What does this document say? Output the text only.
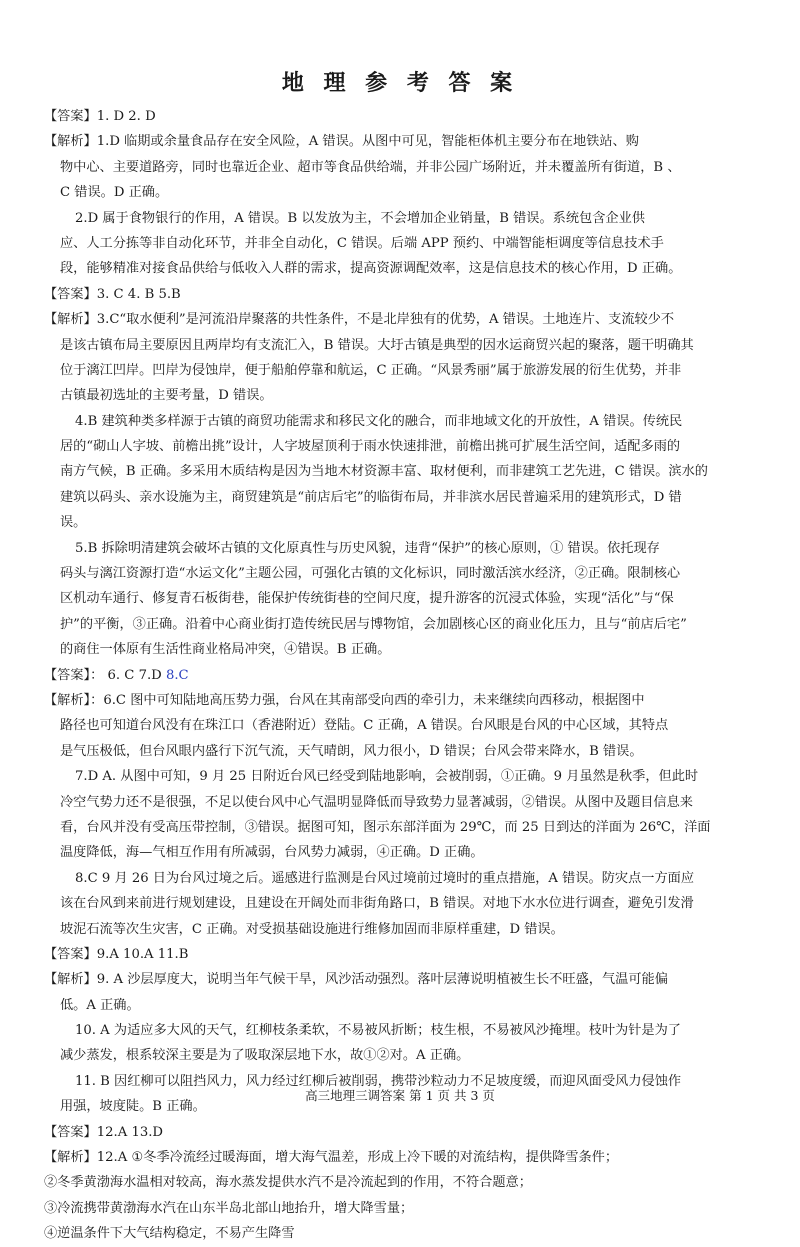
地 理 参 考 答 案

【答案】1. D 2. D

【解析】1.D 临期或余量食品存在安全风险，A 错误。从图中可见，智能柜体机主要分布在地铁站、购

物中心、主要道路旁，同时也靠近企业、超市等食品供给端，并非公园广场附近，并未覆盖所有街道，B 、

C 错误。D 正确。

2.D 属于食物银行的作用，A 错误。B 以发放为主，不会增加企业销量，B 错误。系统包含企业供

应、人工分拣等非自动化环节，并非全自动化，C 错误。后端 APP 预约、中端智能柜调度等信息技术手

段，能够精准对接食品供给与低收入人群的需求，提高资源调配效率，这是信息技术的核心作用，D 正确。

【答案】3. C 4. B 5.B

【解析】3.C“取水便利”是河流沿岸聚落的共性条件，不是北岸独有的优势，A 错误。土地连片、支流较少不

是该古镇布局主要原因且两岸均有支流汇入，B 错误。大圩古镇是典型的因水运商贸兴起的聚落，题干明确其

位于漓江凹岸。凹岸为侵蚀岸，便于船舶停靠和航运，C 正确。“风景秀丽”属于旅游发展的衍生优势，并非

古镇最初选址的主要考量，D 错误。

4.B 建筑种类多样源于古镇的商贸功能需求和移民文化的融合，而非地域文化的开放性，A 错误。传统民

居的“砌山人字坡、前檐出挑”设计，人字坡屋顶利于雨水快速排泄，前檐出挑可扩展生活空间，适配多雨的

南方气候，B 正确。多采用木质结构是因为当地木材资源丰富、取材便利，而非建筑工艺先进，C 错误。滨水的

建筑以码头、亲水设施为主，商贸建筑是“前店后宅”的临街布局，并非滨水居民普遍采用的建筑形式，D 错

误。

5.B 拆除明清建筑会破坏古镇的文化原真性与历史风貌，违背“保护”的核心原则，① 错误。依托现存

码头与漓江资源打造“水运文化”主题公园，可强化古镇的文化标识，同时激活滨水经济，②正确。限制核心

区机动车通行、修复青石板街巷，能保护传统街巷的空间尺度，提升游客的沉浸式体验，实现“活化”与“保

护”的平衡，③正确。沿着中心商业街打造传统民居与博物馆，会加剧核心区的商业化压力，且与“前店后宅”

的商住一体原有生活性商业格局冲突，④错误。B 正确。

【答案】： 6. C 7.D 8.C

【解析】：6.C 图中可知陆地高压势力强，台风在其南部受向西的牵引力，未来继续向西移动，根据图中

路径也可知道台风没有在珠江口（香港附近）登陆。C 正确，A 错误。台风眼是台风的中心区域，其特点

是气压极低，但台风眼内盛行下沉气流，天气晴朗，风力很小，D 错误；台风会带来降水，B 错误。

7.D A. 从图中可知，9 月 25 日附近台风已经受到陆地影响，会被削弱，①正确。9 月虽然是秋季，但此时

冷空气势力还不是很强，不足以使台风中心气温明显降低而导致势力显著减弱，②错误。从图中及题目信息来

看，台风并没有受高压带控制，③错误。据图可知，图示东部洋面为 29℃，而 25 日到达的洋面为 26℃，洋面

温度降低，海—气相互作用有所减弱，台风势力减弱，④正确。D 正确。

8.C 9 月 26 日为台风过境之后。遥感进行监测是台风过境前过境时的重点措施，A 错误。防灾点一方面应

该在台风到来前进行规划建设，且建设在开阔处而非街角路口，B 错误。对地下水水位进行调查，避免引发滑

坡泥石流等次生灾害，C 正确。对受损基础设施进行维修加固而非原样重建，D 错误。

【答案】9.A 10.A 11.B

【解析】9. A 沙层厚度大，说明当年气候干旱，风沙活动强烈。落叶层薄说明植被生长不旺盛，气温可能偏

低。A 正确。

10. A 为适应多大风的天气，红柳枝条柔软，不易被风折断；枝生根，不易被风沙掩埋。枝叶为针是为了

减少蒸发，根系较深主要是为了吸取深层地下水，故①②对。A 正确。

11. B 因红柳可以阻挡风力，风力经过红柳后被削弱，携带沙粒动力不足坡度缓，而迎风面受风力侵蚀作

用强，坡度陡。B 正确。

【答案】12.A 13.D

【解析】12.A ①冬季冷流经过暖海面，增大海气温差，形成上冷下暖的对流结构，提供降雪条件；

②冬季黄渤海水温相对较高，海水蒸发提供水汽不是冷流起到的作用，不符合题意；

③冷流携带黄渤海水汽在山东半岛北部山地抬升，增大降雪量；

④逆温条件下大气结构稳定，不易产生降雪

高三地理三调答案 第 1 页 共 3 页
